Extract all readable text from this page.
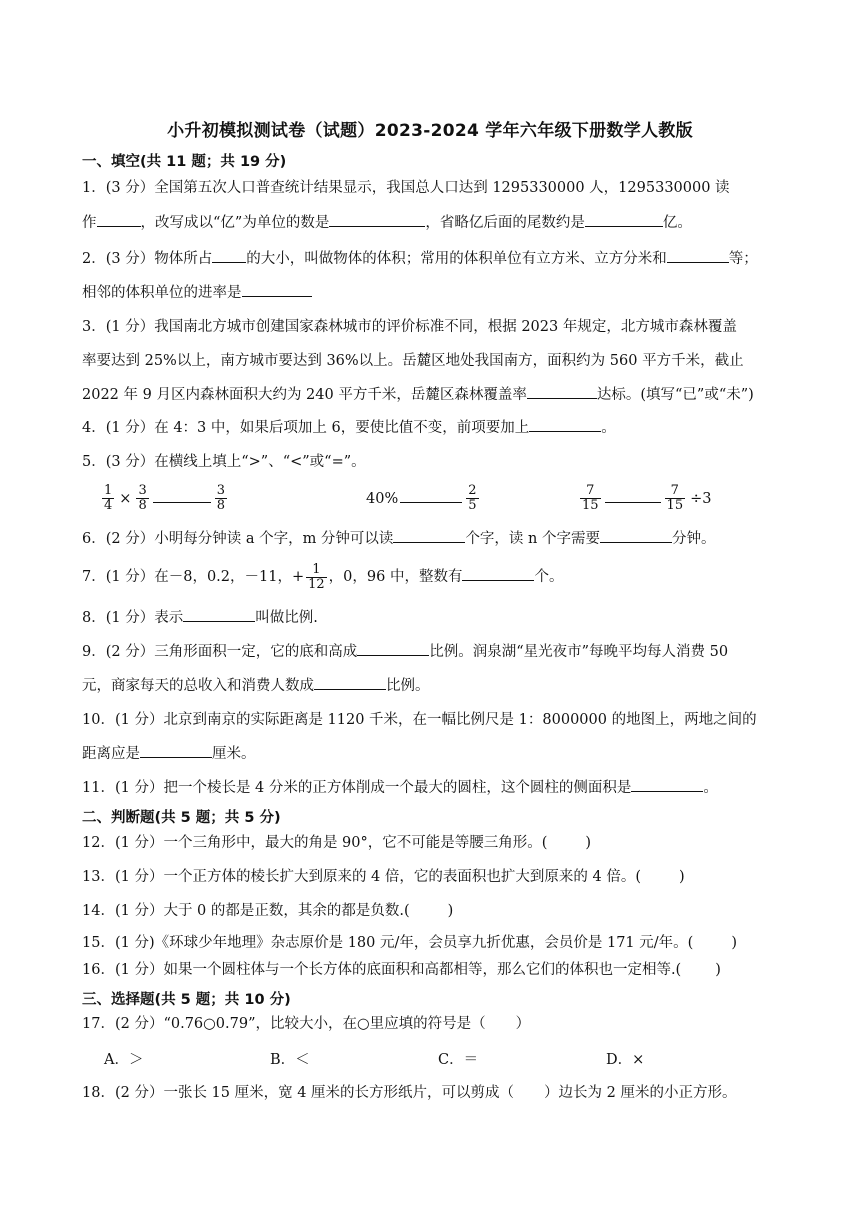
小升初模拟测试卷（试题）2023-2024 学年六年级下册数学人教版
一、填空(共 11 题；共 19 分)
1．(3 分）全国第五次人口普查统计结果显示，我国总人口达到 1295330000 人，1295330000 读
作	，改写成以“亿”为单位的数是	，省略亿后面的尾数约是	亿。
2．(3 分）物体所占 的大小，叫做物体的体积；常用的体积单位有立方米、立方分米和	等；
相邻的体积单位的进率是
3．(1 分）我国南北方城市创建国家森林城市的评价标准不同，根据 2023 年规定，北方城市森林覆盖
率要达到 25%以上，南方城市要达到 36%以上。岳麓区地处我国南方，面积约为 560 平方千米，截止
2022 年 9 月区内森林面积大约为 240 平方千米，岳麓区森林覆盖率	达标。(填写“已”或“未”)
4．(1 分）在 4：3 中，如果后项加上 6，要使比值不变，前项要加上	。
5．(3 分）在横线上填上“>”、“<”或“=”。
$\frac{1}{4} \times \frac{3}{8}$	$\frac{3}{8}$	40%	$\frac{2}{5}$	$\frac{7}{15}$	$\frac{7}{15} \div 3$
6．(2 分）小明每分钟读 a 个字，m 分钟可以读	个字，读 n 个字需要	分钟。
7．(1 分）在－8，0.2，－11，+ $\frac{1}{12}$ ，0，96 中，整数有	个。
8．(1 分）表示	叫做比例.
9．(2 分）三角形面积一定，它的底和高成	比例。润泉湖“星光夜市”每晚平均每人消费 50
元，商家每天的总收入和消费人数成	比例。
10．(1 分）北京到南京的实际距离是 1120 千米，在一幅比例尺是 1：8000000 的地图上，两地之间的
距离应是	厘米。
11．(1 分）把一个棱长是 4 分米的正方体削成一个最大的圆柱，这个圆柱的侧面积是	。
二、判断题(共 5 题；共 5 分)
12．(1 分）一个三角形中，最大的角是 90°，它不可能是等腰三角形。(	)
13．(1 分）一个正方体的棱长扩大到原来的 4 倍，它的表面积也扩大到原来的 4 倍。(	)
14．(1 分）大于 0 的都是正数，其余的都是负数.(	)
15．(1 分)《环球少年地理》杂志原价是 180 元/年，会员享九折优惠，会员价是 171 元/年。(	)
16．(1 分）如果一个圆柱体与一个长方体的底面积和高都相等，那么它们的体积也一定相等.( )
三、选择题(共 5 题；共 10 分)
17．(2 分）“0.76○0.79”，比较大小，在○里应填的符号是（ ）
A．＞	B．＜	C．＝	D．×
18．(2 分）一张长 15 厘米，宽 4 厘米的长方形纸片，可以剪成（ ）边长为 2 厘米的小正方形。
